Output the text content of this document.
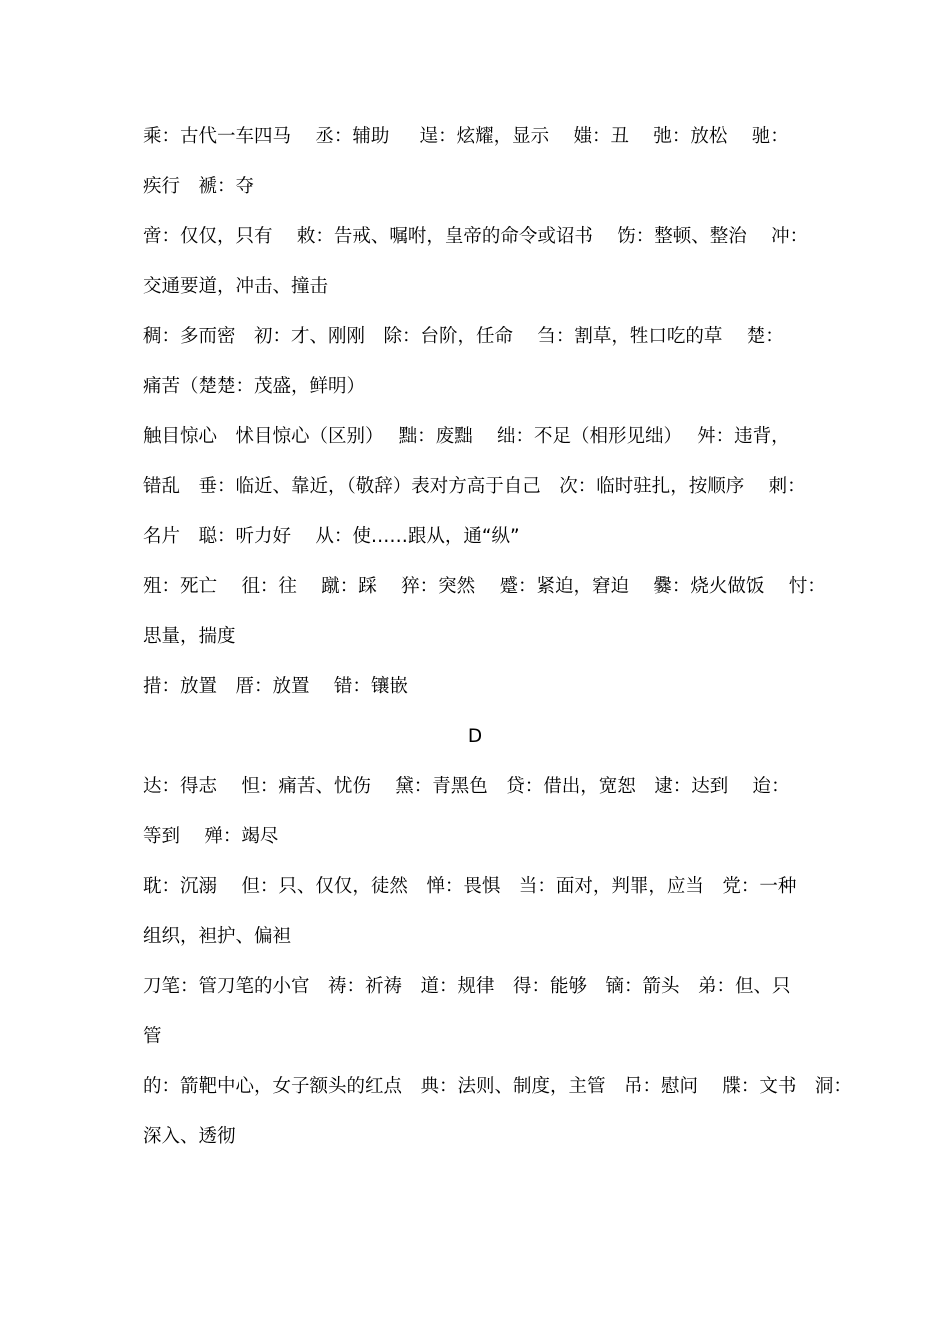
乘：古代一车四马　 丞：辅助　  逞：炫耀，显示　 媸：丑　 弛：放松　 驰：
疾行　褫：夺
啻：仅仅，只有　 敕：告戒、嘱咐，皇帝的命令或诏书　 饬：整顿、整治　 冲：
交通要道，冲击、撞击
稠：多而密　初：才、刚刚　除：台阶，任命　 刍：割草，牲口吃的草　 楚：
痛苦（楚楚：茂盛，鲜明）
触目惊心　怵目惊心（区别）　 黜：废黜　 绌：不足（相形见绌）　 舛：违背，
错乱　垂：临近、靠近，（敬辞）表对方高于自己　次：临时驻扎，按顺序　 刺：
名片　聪：听力好　 从：使……跟从，通“纵”
殂：死亡　 徂：往　 蹴：踩　 猝：突然　 蹙：紧迫，窘迫　 爨：烧火做饭　 忖：
思量，揣度
措：放置　厝：放置　 错：镶嵌
D
达：得志　 怛：痛苦、忧伤　 黛：青黑色　贷：借出，宽恕　逮：达到　 迨：
等到　 殚：竭尽
耽：沉溺　 但：只、仅仅，徒然　惮：畏惧　当：面对，判罪，应当　党：一种
组织，袒护、偏袒
刀笔：管刀笔的小官　祷：祈祷　道：规律　得：能够　镝：箭头　弟：但、只
管
的：箭靶中心，女子额头的红点　典：法则、制度，主管　吊：慰问　 牒：文书　洞：
深入、透彻
